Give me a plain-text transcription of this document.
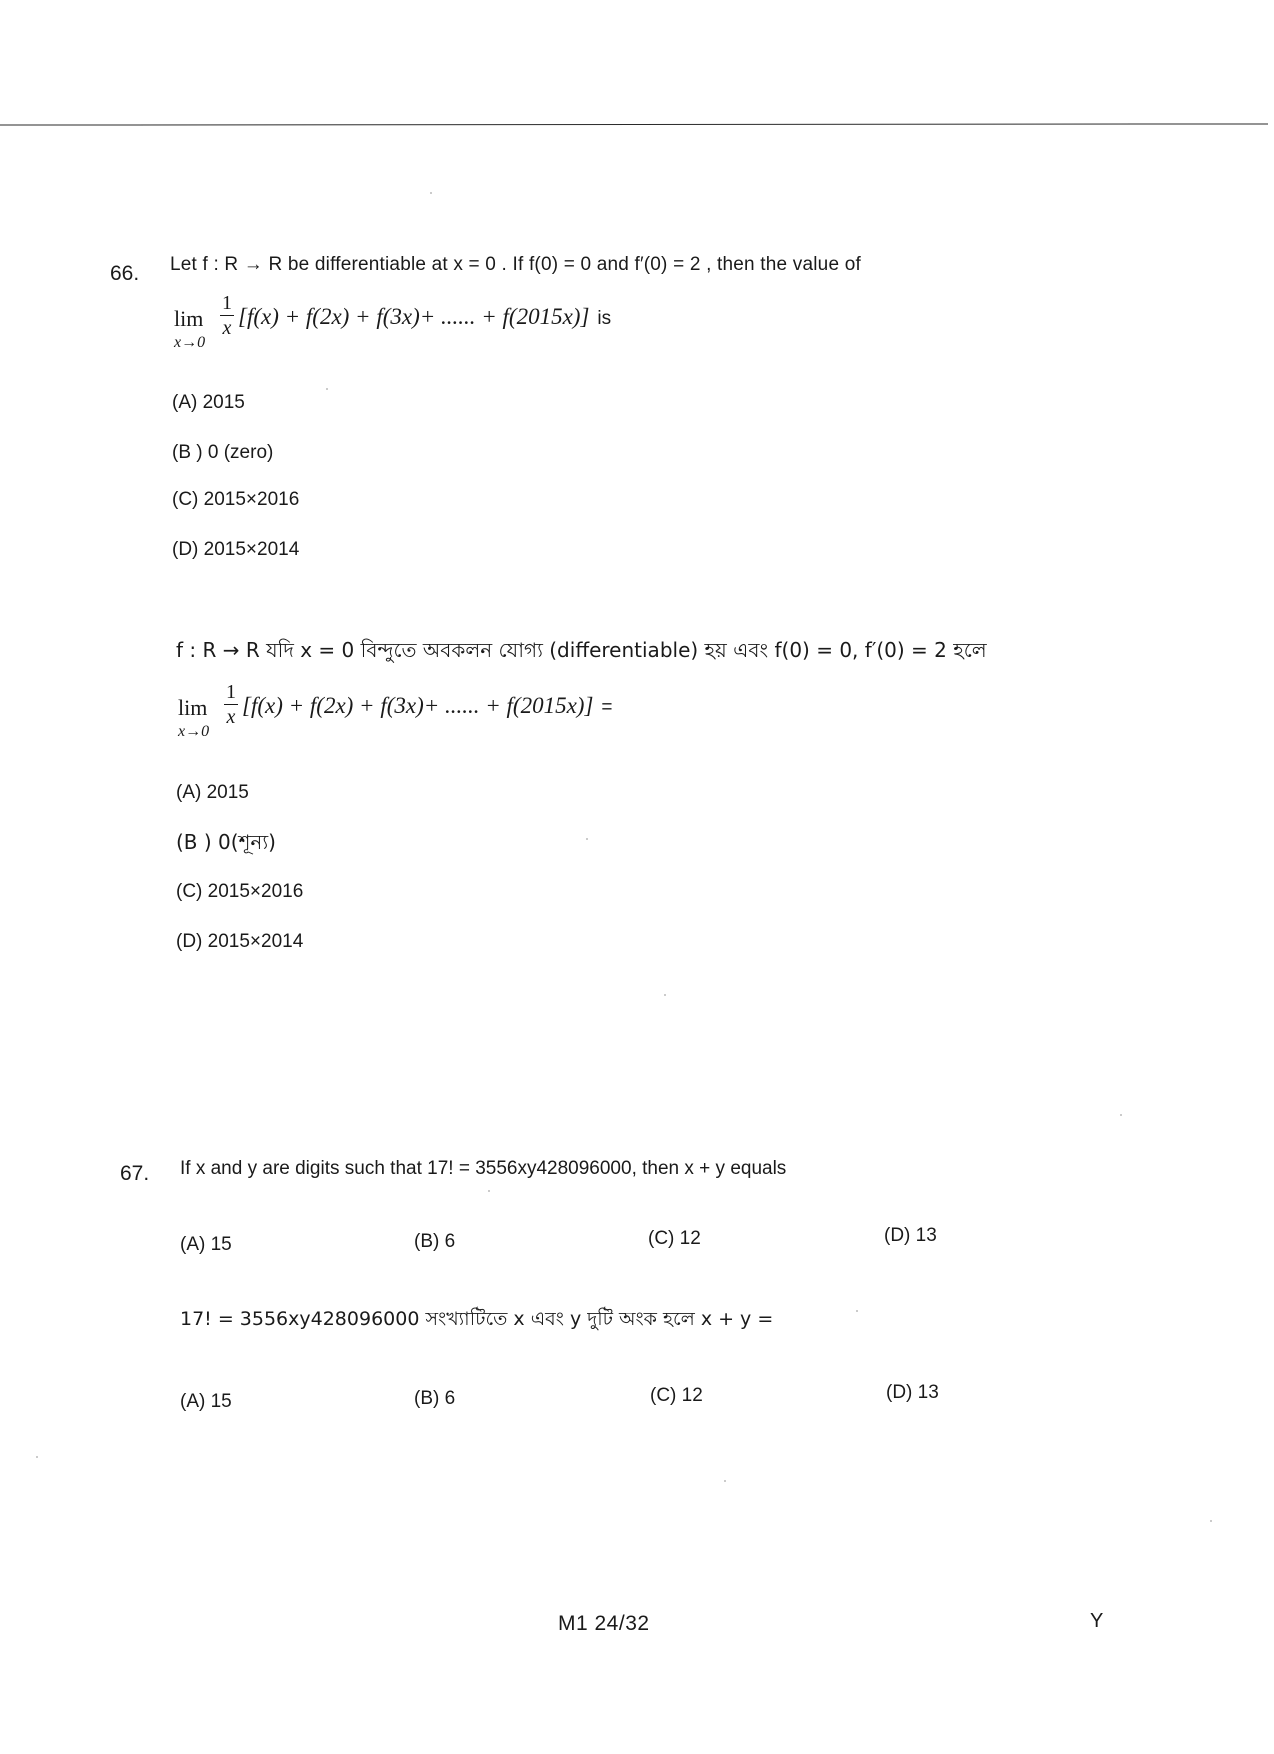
66. Let f : R → R be differentiable at x = 0 . If f(0) = 0 and f′(0) = 2 , then the value of
lim
x→0
1
x [f(x) + f(2x) + f(3x)+ ...... + f(2015x)] is
(A) 2015
(B ) 0 (zero)
(C) 2015×2016
(D) 2015×2014
f : R → R যদি x = 0 বিন্দুতে অবকলন যোগ্য (differentiable) হয় এবং f(0) = 0, f′(0) = 2 হলে
lim
x→0
1
x [f(x) + f(2x) + f(3x)+ ...... + f(2015x)] =
(A) 2015
(B ) 0(শূন্য)
(C) 2015×2016
(D) 2015×2014
67. If x and y are digits such that 17! = 3556xy428096000, then x + y equals
(A) 15	(B) 6	(C) 12	(D) 13
17! = 3556xy428096000 সংখ্যাটিতে x এবং y দুটি অংক হলে x + y =
(A) 15	(B) 6	(C) 12	(D) 13
M1 24/32	Y
